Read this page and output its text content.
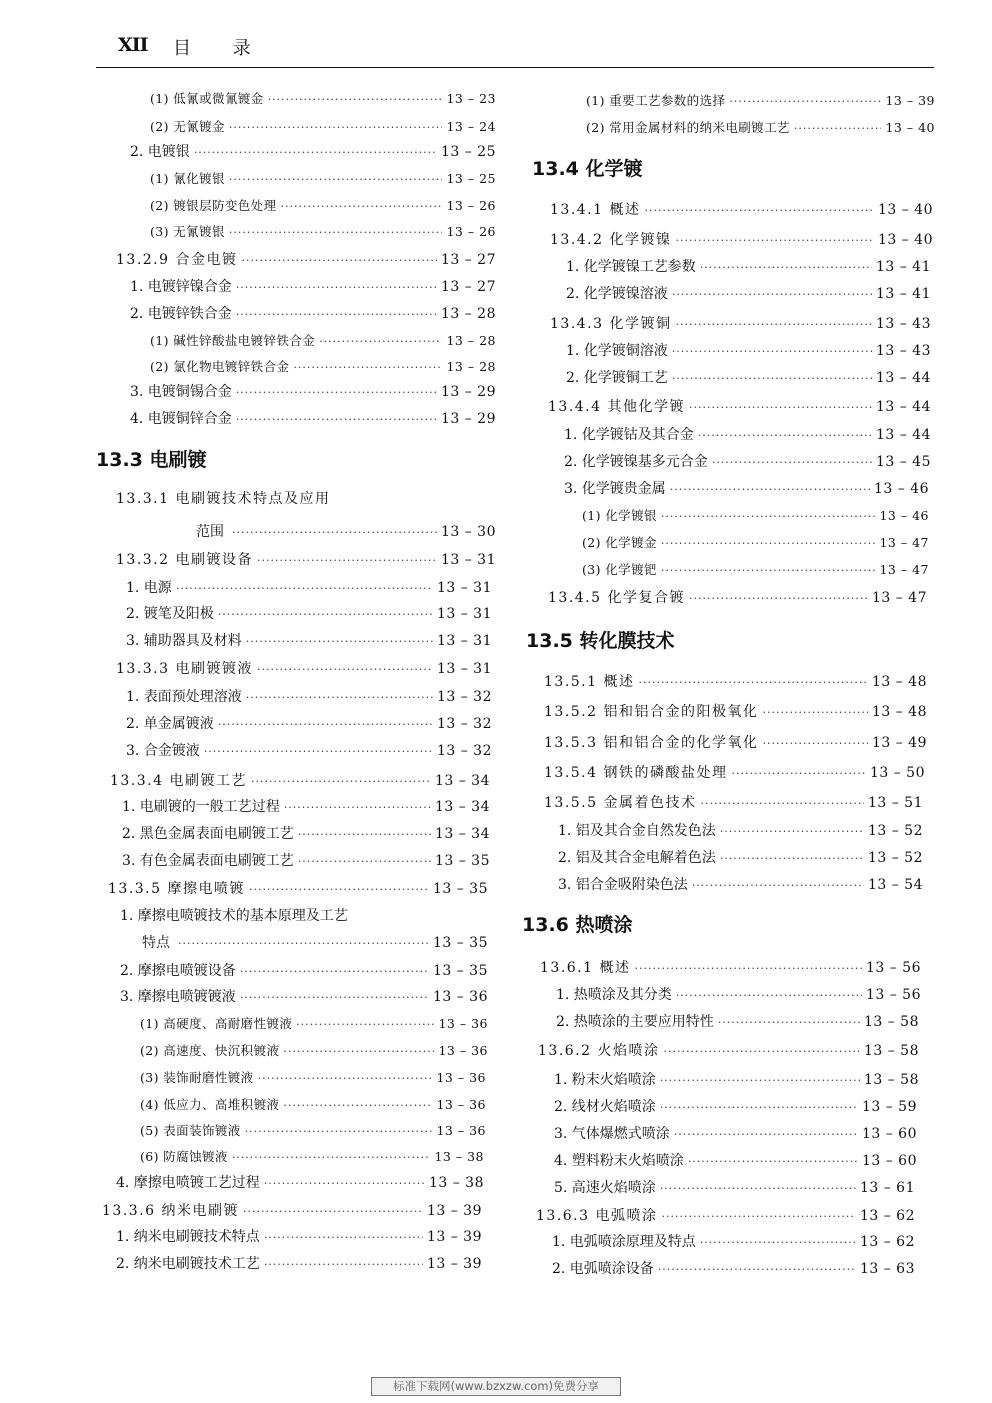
XII 目 录
(1) 低氰或微氰镀金 ·····	13 – 23
(2) 无氰镀金 ·····	13 – 24
2. 电镀银 ·····	13 – 25
(1) 氰化镀银 ·····	13 – 25
(2) 镀银层防变色处理 ·····	13 – 26
(3) 无氰镀银 ·····	13 – 26
13.2.9 合金电镀 ·····	13 – 27
1. 电镀锌镍合金 ·····	13 – 27
2. 电镀锌铁合金 ·····	13 – 28
(1) 碱性锌酸盐电镀锌铁合金 ·····	13 – 28
(2) 氯化物电镀锌铁合金 ·····	13 – 28
3. 电镀铜锡合金 ·····	13 – 29
4. 电镀铜锌合金 ·····	13 – 29
13.3 电刷镀
13.3.1 电刷镀技术特点及应用
范围 ·····	13 – 30
13.3.2 电刷镀设备 ·····	13 – 31
1. 电源 ·····	13 – 31
2. 镀笔及阳极 ·····	13 – 31
3. 辅助器具及材料 ·····	13 – 31
13.3.3 电刷镀镀液 ·····	13 – 31
1. 表面预处理溶液 ·····	13 – 32
2. 单金属镀液 ·····	13 – 32
3. 合金镀液 ·····	13 – 32
13.3.4 电刷镀工艺 ·····	13 – 34
1. 电刷镀的一般工艺过程 ·····	13 – 34
2. 黑色金属表面电刷镀工艺 ·····	13 – 34
3. 有色金属表面电刷镀工艺 ·····	13 – 35
13.3.5 摩擦电喷镀 ·····	13 – 35
1. 摩擦电喷镀技术的基本原理及工艺
特点 ·····	13 – 35
2. 摩擦电喷镀设备 ·····	13 – 35
3. 摩擦电喷镀镀液 ·····	13 – 36
(1) 高硬度、高耐磨性镀液 ·····	13 – 36
(2) 高速度、快沉积镀液 ·····	13 – 36
(3) 装饰耐磨性镀液 ·····	13 – 36
(4) 低应力、高堆积镀液 ·····	13 – 36
(5) 表面装饰镀液 ·····	13 – 36
(6) 防腐蚀镀液 ·····	13 – 38
4. 摩擦电喷镀工艺过程 ·····	13 – 38
13.3.6 纳米电刷镀 ·····	13 – 39
1. 纳米电刷镀技术特点 ·····	13 – 39
2. 纳米电刷镀技术工艺 ·····	13 – 39
(1) 重要工艺参数的选择 ·····	13 – 39
(2) 常用金属材料的纳米电刷镀工艺 ·····	13 – 40
13.4 化学镀
13.4.1 概述 ·····	13 – 40
13.4.2 化学镀镍 ·····	13 – 40
1. 化学镀镍工艺参数 ·····	13 – 41
2. 化学镀镍溶液 ·····	13 – 41
13.4.3 化学镀铜 ·····	13 – 43
1. 化学镀铜溶液 ·····	13 – 43
2. 化学镀铜工艺 ·····	13 – 44
13.4.4 其他化学镀 ·····	13 – 44
1. 化学镀钴及其合金 ·····	13 – 44
2. 化学镀镍基多元合金 ·····	13 – 45
3. 化学镀贵金属 ·····	13 – 46
(1) 化学镀银 ·····	13 – 46
(2) 化学镀金 ·····	13 – 47
(3) 化学镀钯 ·····	13 – 47
13.4.5 化学复合镀 ·····	13 – 47
13.5 转化膜技术
13.5.1 概述 ·····	13 – 48
13.5.2 铝和铝合金的阳极氧化 ·····	13 – 48
13.5.3 铝和铝合金的化学氧化 ·····	13 – 49
13.5.4 钢铁的磷酸盐处理 ·····	13 – 50
13.5.5 金属着色技术 ·····	13 – 51
1. 铝及其合金自然发色法 ·····	13 – 52
2. 铝及其合金电解着色法 ·····	13 – 52
3. 铝合金吸附染色法 ·····	13 – 54
13.6 热喷涂
13.6.1 概述 ·····	13 – 56
1. 热喷涂及其分类 ·····	13 – 56
2. 热喷涂的主要应用特性 ·····	13 – 58
13.6.2 火焰喷涂 ·····	13 – 58
1. 粉末火焰喷涂 ·····	13 – 58
2. 线材火焰喷涂 ·····	13 – 59
3. 气体爆燃式喷涂 ·····	13 – 60
4. 塑料粉末火焰喷涂 ·····	13 – 60
5. 高速火焰喷涂 ·····	13 – 61
13.6.3 电弧喷涂 ·····	13 – 62
1. 电弧喷涂原理及特点 ·····	13 – 62
2. 电弧喷涂设备 ·····	13 – 63
标准下载网(www.bzxzw.com)免费分享
